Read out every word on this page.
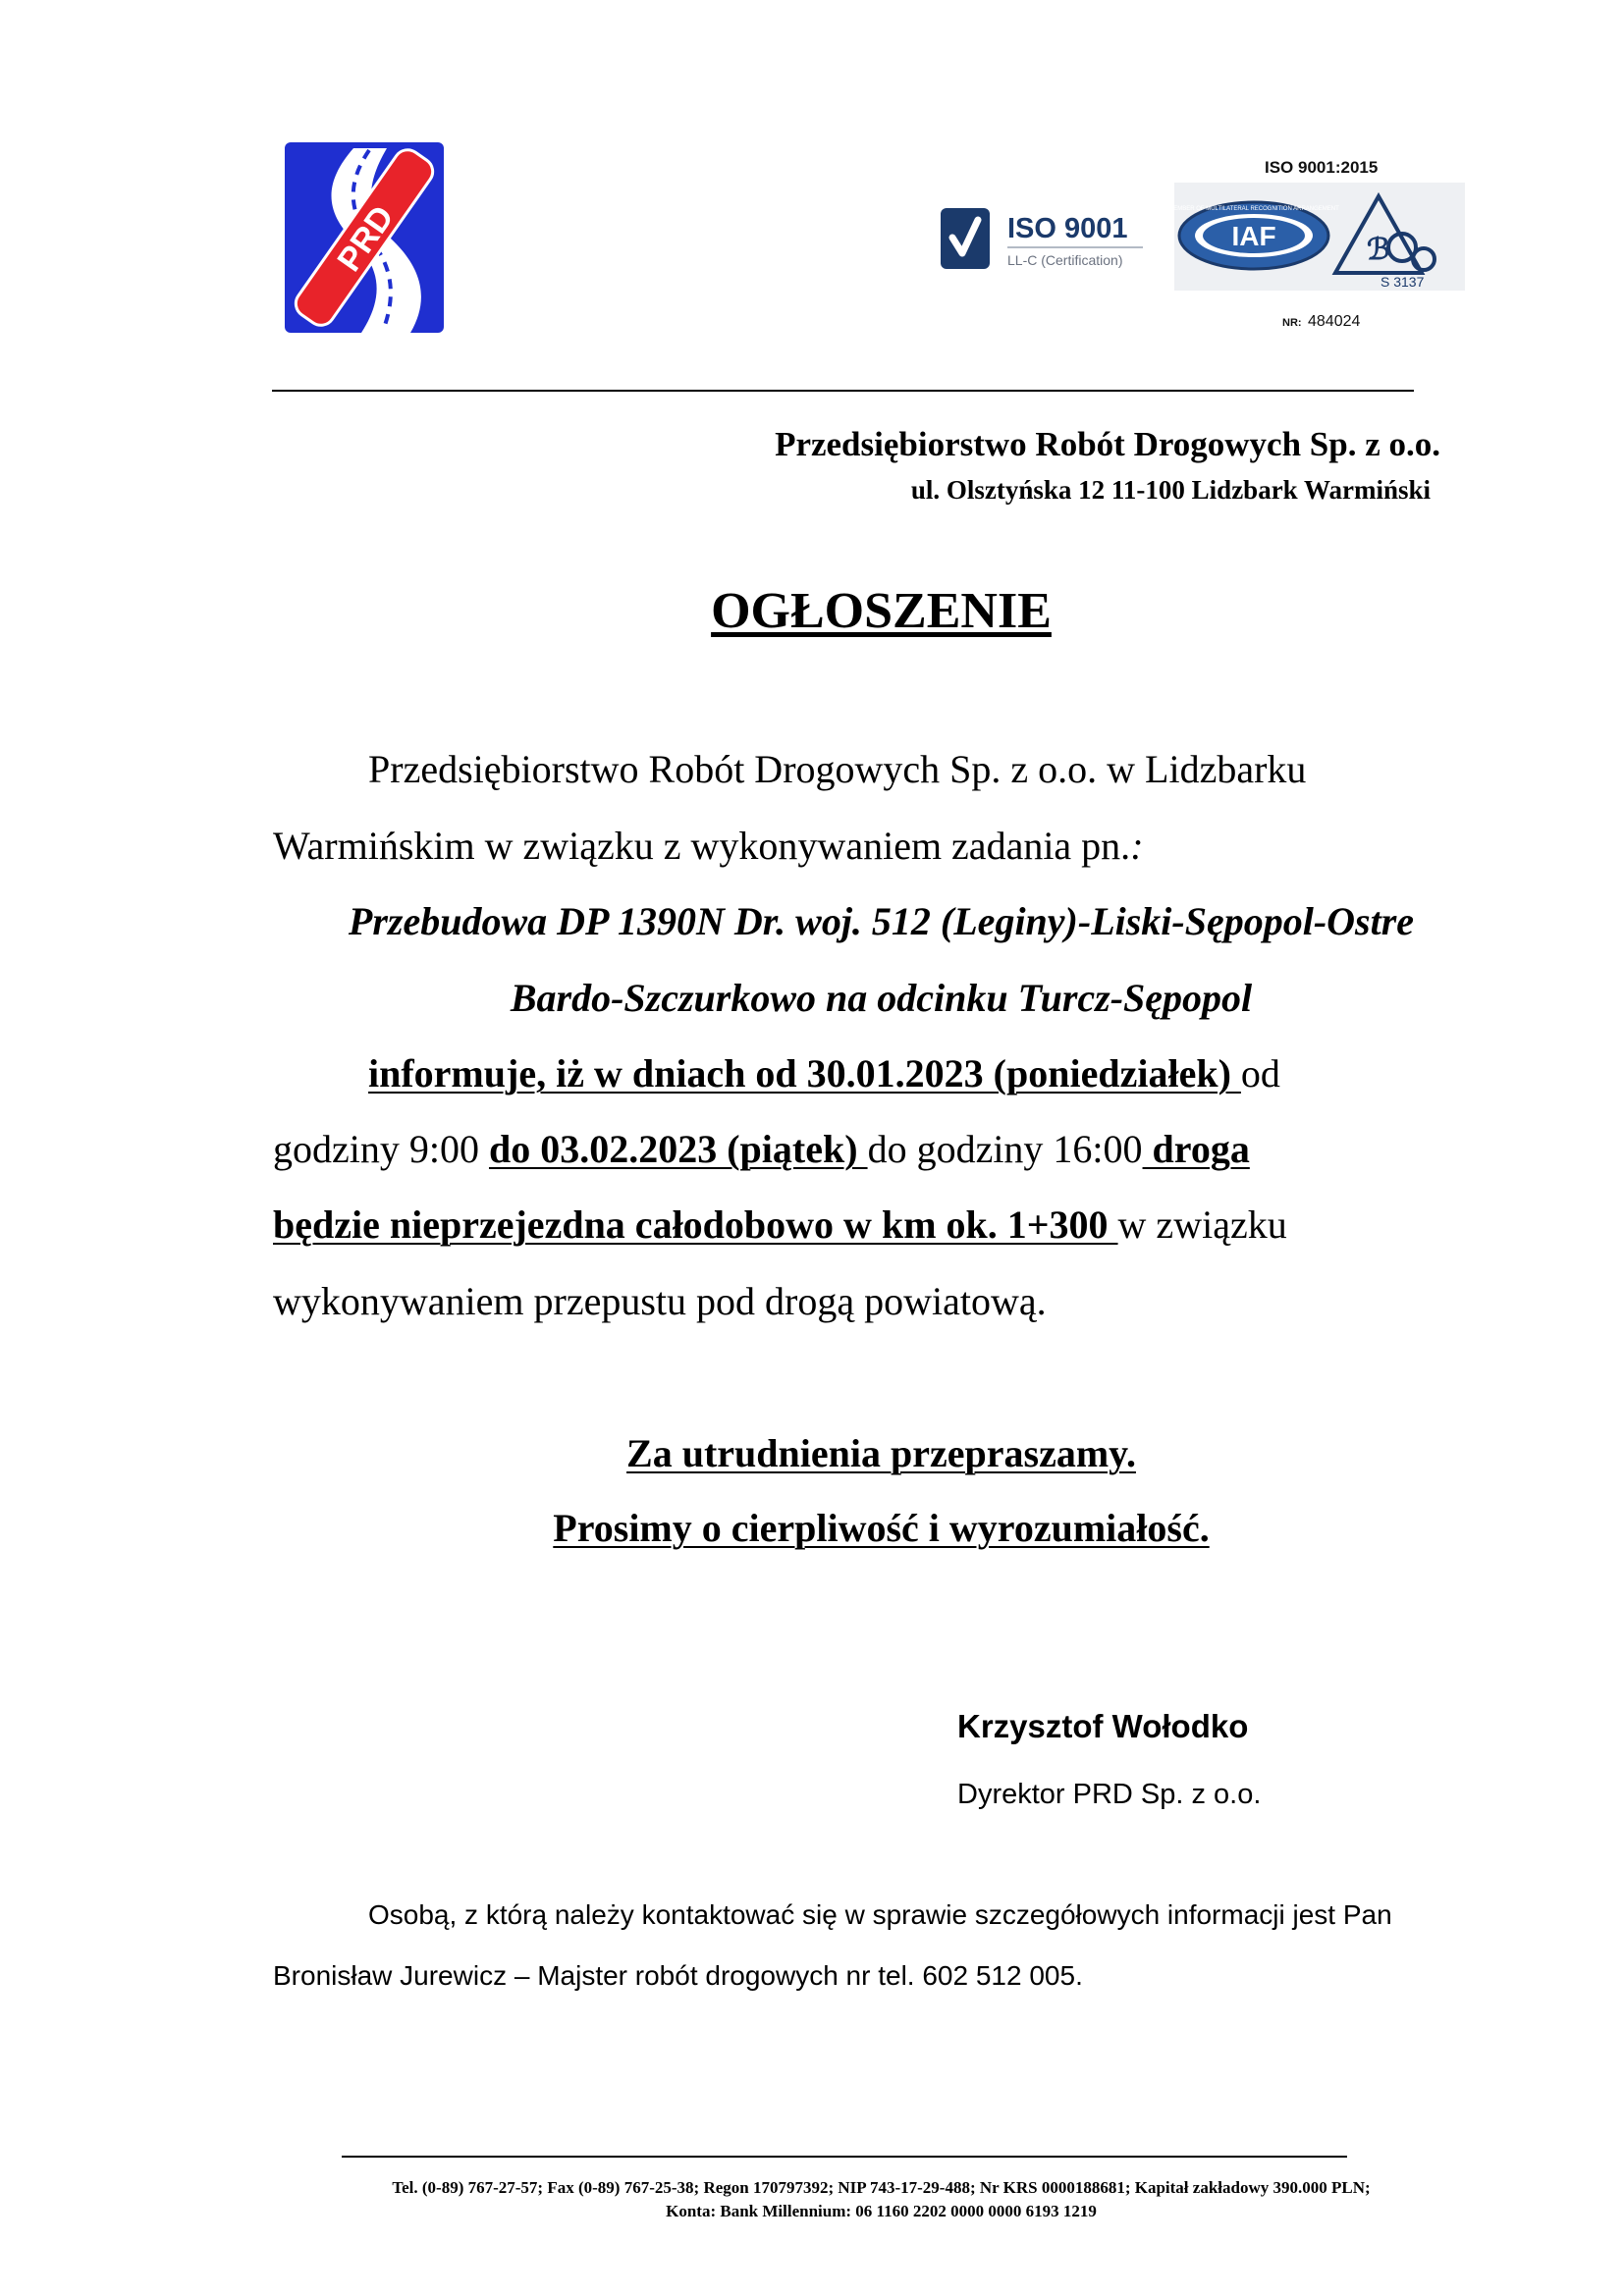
PRD	ISO 9001
LL-C (Certification)
ISO 9001:2015
IAF
MEMBER OF MULTILATERAL RECOGNITION ARRANGEMENT
ℬ
S 3137
NR: 484024
Przedsiębiorstwo Robót Drogowych Sp. z o.o.
ul. Olsztyńska 12 11-100 Lidzbark Warmiński
OGŁOSZENIE
Przedsiębiorstwo Robót Drogowych Sp. z o.o. w Lidzbarku
Warmińskim w związku z wykonywaniem zadania pn.:
Przebudowa DP 1390N Dr. woj. 512 (Leginy)-Liski-Sępopol-Ostre
Bardo-Szczurkowo na odcinku Turcz-Sępopol
informuje, iż w dniach od 30.01.2023 (poniedziałek) od
godziny 9:00 do 03.02.2023 (piątek) do godziny 16:00 droga
będzie nieprzejezdna całodobowo w km ok. 1+300 w związku
wykonywaniem przepustu pod drogą powiatową.
Za utrudnienia przepraszamy.
Prosimy o cierpliwość i wyrozumiałość.
Krzysztof Wołodko
Dyrektor PRD Sp. z o.o.
Osobą, z którą należy kontaktować się w sprawie szczegółowych informacji jest Pan
Bronisław Jurewicz – Majster robót drogowych nr tel. 602 512 005.
Tel. (0-89) 767-27-57; Fax (0-89) 767-25-38; Regon 170797392; NIP 743-17-29-488; Nr KRS 0000188681; Kapitał zakładowy 390.000 PLN;
Konta: Bank Millennium: 06 1160 2202 0000 0000 6193 1219
